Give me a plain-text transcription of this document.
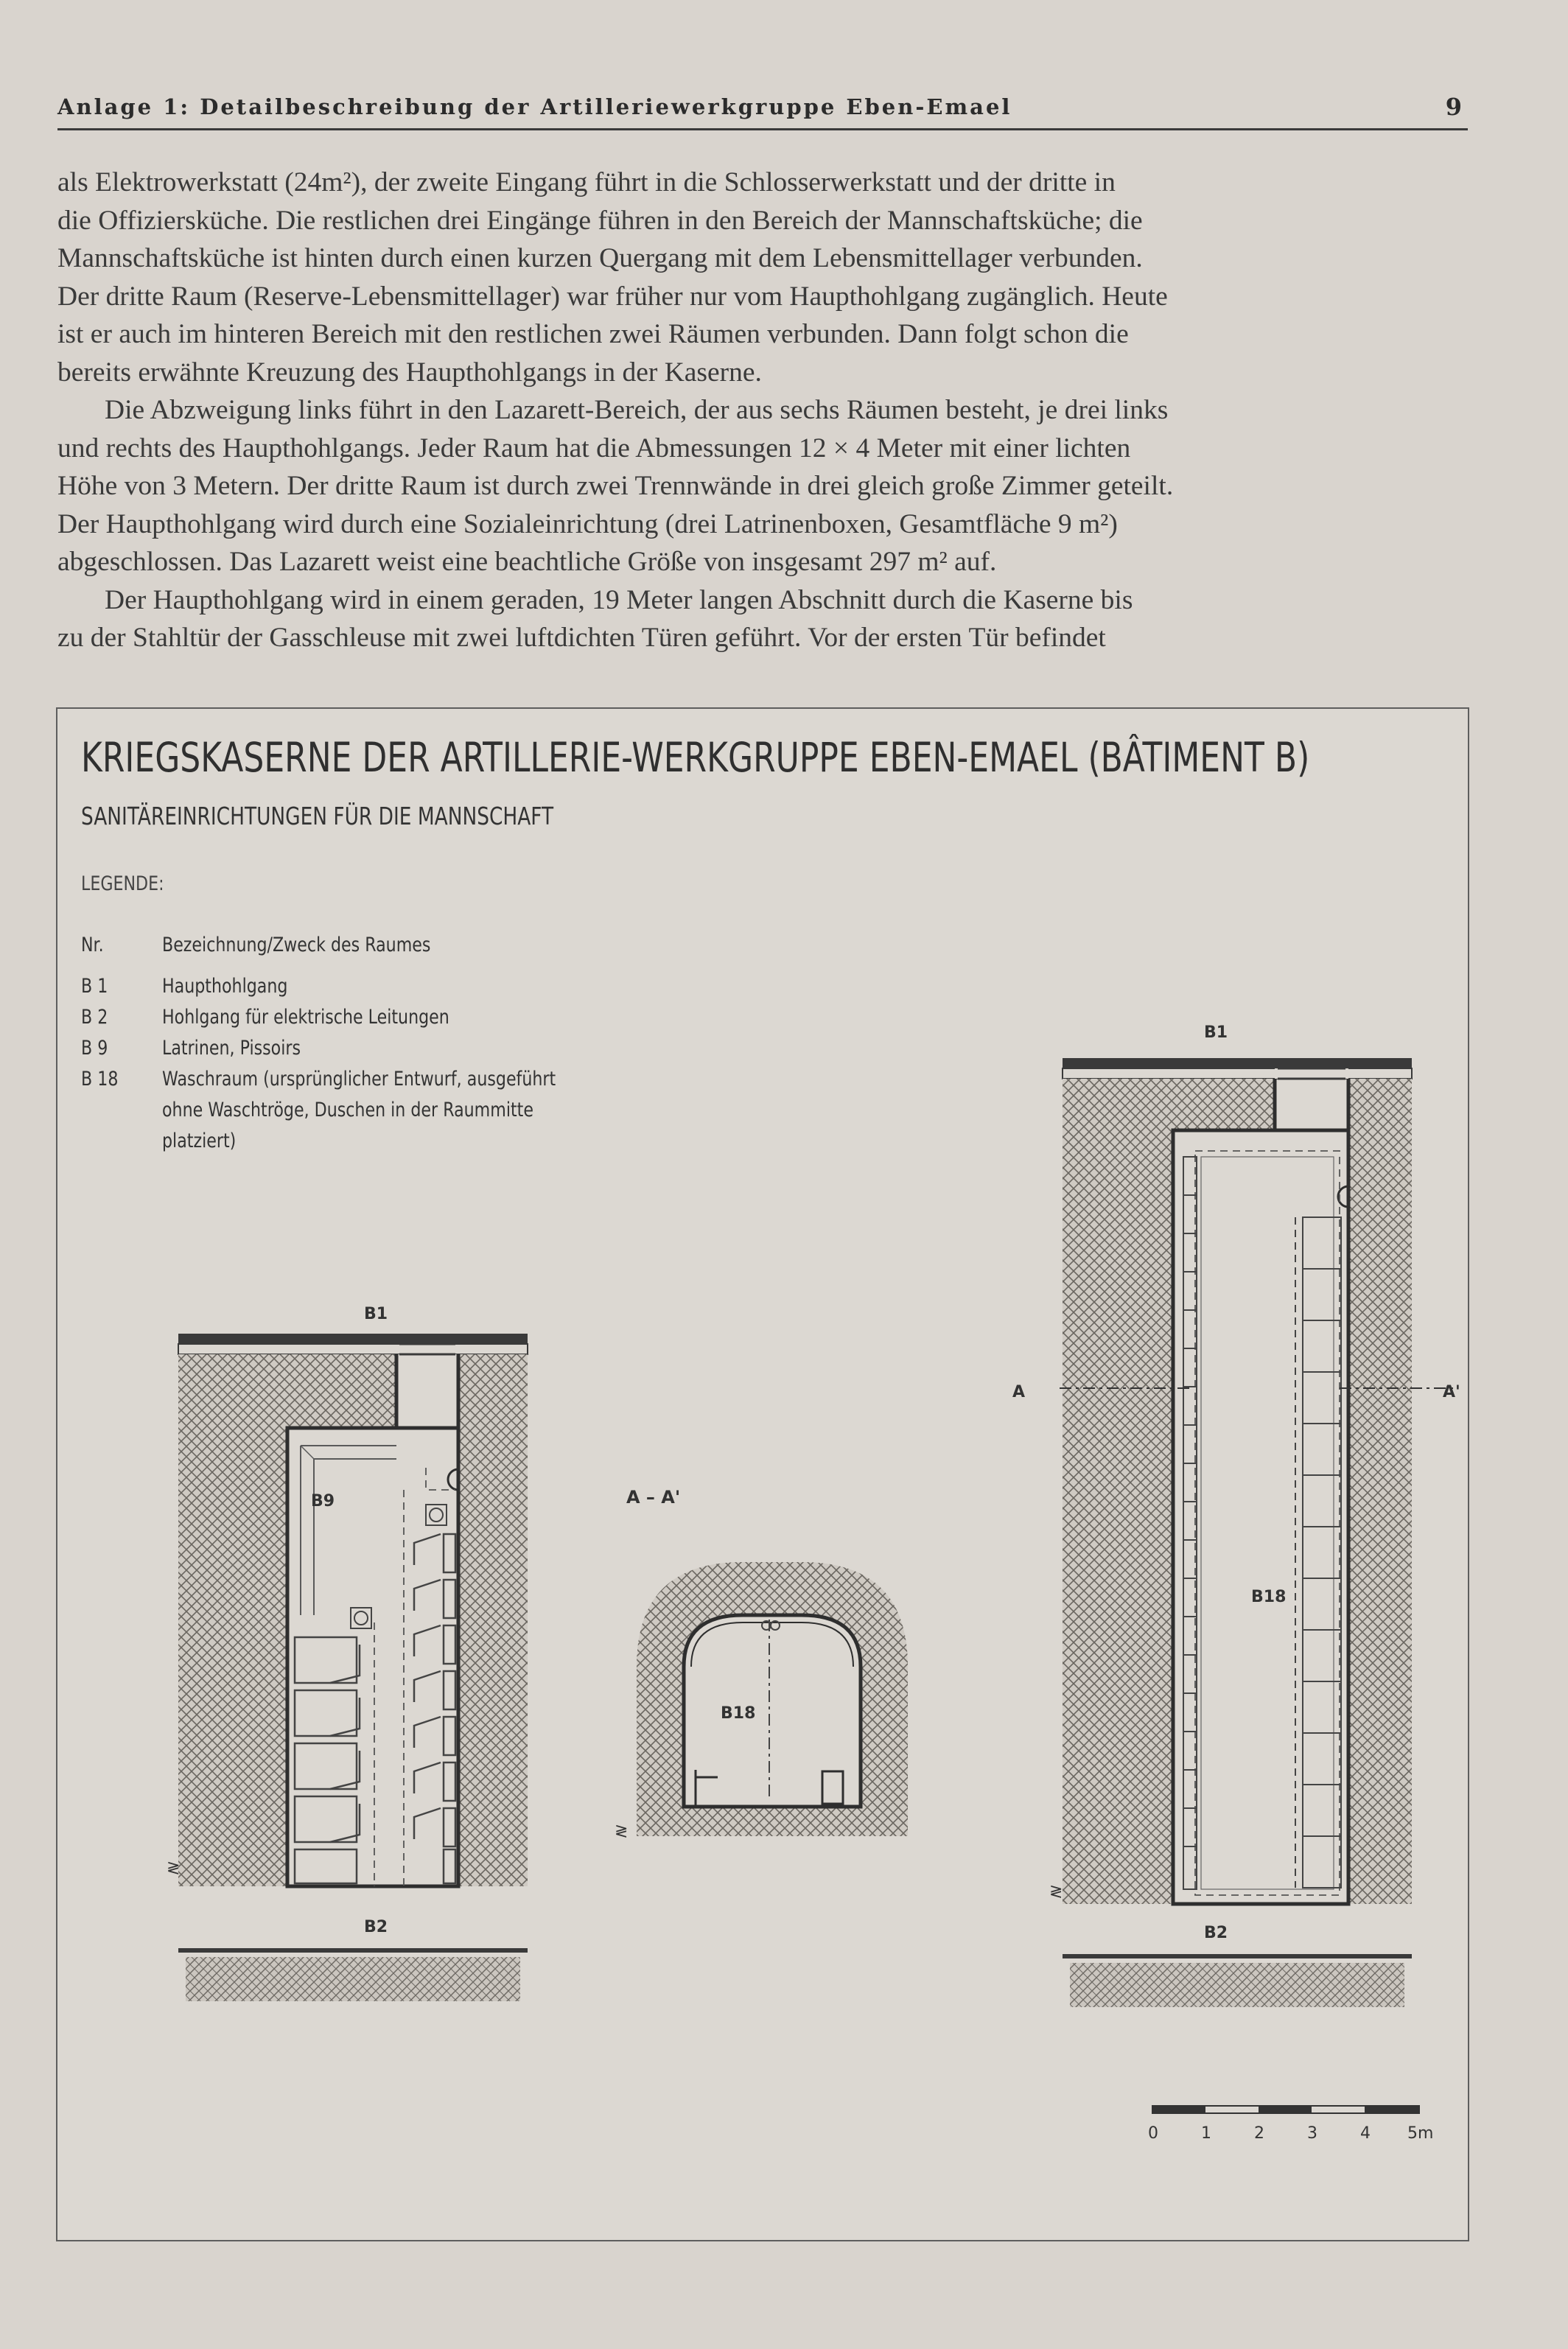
Anlage 1: Detailbeschreibung der Artilleriewerkgruppe Eben-Emael	9

als Elektrowerkstatt (24m²), der zweite Eingang führt in die Schlosserwerkstatt und der dritte in

die Offiziersküche. Die restlichen drei Eingänge führen in den Bereich der Mannschaftsküche; die

Mannschaftsküche ist hinten durch einen kurzen Quergang mit dem Lebensmittellager verbunden.

Der dritte Raum (Reserve-Lebensmittellager) war früher nur vom Haupthohlgang zugänglich. Heute

ist er auch im hinteren Bereich mit den restlichen zwei Räumen verbunden. Dann folgt schon die

bereits erwähnte Kreuzung des Haupthohlgangs in der Kaserne.

Die Abzweigung links führt in den Lazarett-Bereich, der aus sechs Räumen besteht, je drei links

und rechts des Haupthohlgangs. Jeder Raum hat die Abmessungen 12 × 4 Meter mit einer lichten

Höhe von 3 Metern. Der dritte Raum ist durch zwei Trennwände in drei gleich große Zimmer geteilt.

Der Haupthohlgang wird durch eine Sozialeinrichtung (drei Latrinenboxen, Gesamtfläche 9 m²)

abgeschlossen. Das Lazarett weist eine beachtliche Größe von insgesamt 297 m² auf.

Der Haupthohlgang wird in einem geraden, 19 Meter langen Abschnitt durch die Kaserne bis

zu der Stahltür der Gasschleuse mit zwei luftdichten Türen geführt. Vor der ersten Tür befindet

KRIEGSKASERNE DER ARTILLERIE-WERKGRUPPE EBEN-EMAEL (BÂTIMENT B)
SANITÄREINRICHTUNGEN FÜR DIE MANNSCHAFT
LEGENDE:
Nr.	Bezeichnung/Zweck des Raumes
B 1	Haupthohlgang
B 2	Hohlgang für elektrische Leitungen
B 9	Latrinen, Pissoirs
B 18 Waschraum (ursprünglicher Entwurf, ausgeführt
ohne Waschtröge, Duschen in der Raummitte
platziert)
≷
B1
B2
B9	A – A'
B18
≷
A	A'
B18
B1
B2
≷
0	1	2	3	4 5m
